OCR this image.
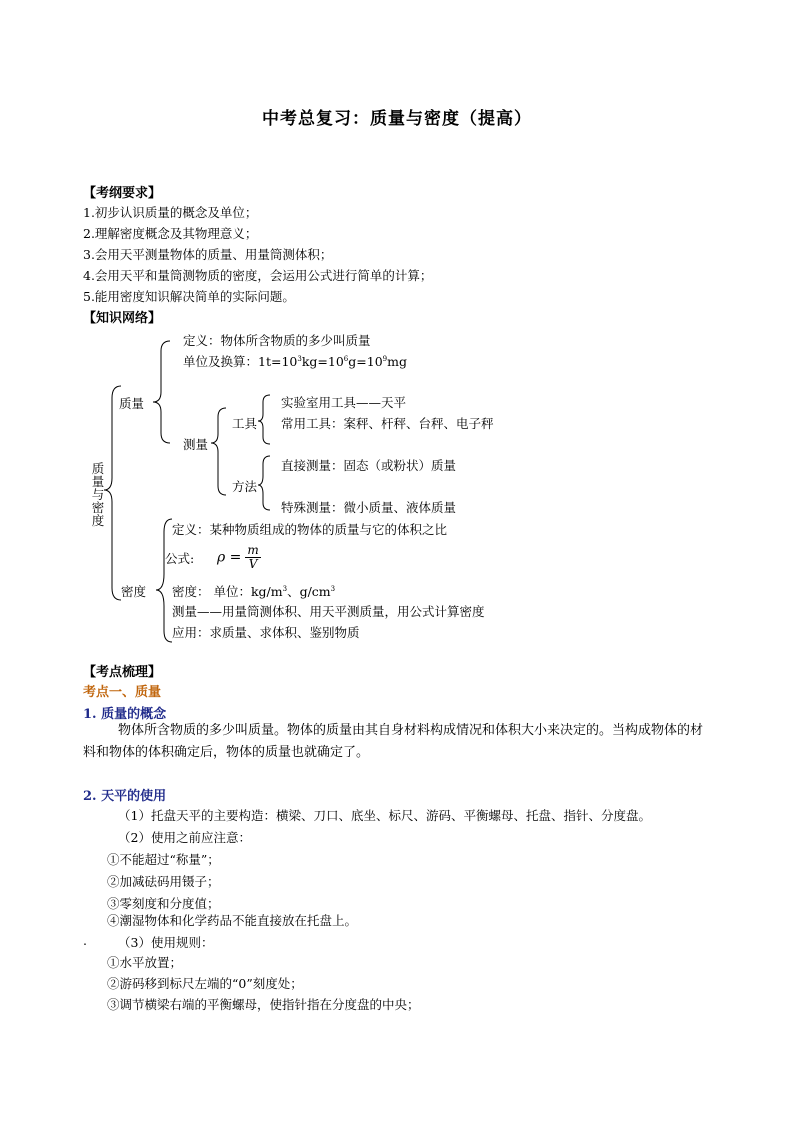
中考总复习：质量与密度（提高）
【考纲要求】
1.初步认识质量的概念及单位；
2.理解密度概念及其物理意义；
3.会用天平测量物体的质量、用量筒测体积；
4.会用天平和量筒测物质的密度，会运用公式进行简单的计算；
5.能用密度知识解决简单的实际问题。
【知识网络】
质量与密度
质量
定义：物体所含物质的多少叫质量
单位及换算：$1t=10^3kg=10^6g=10^9mg$
测量
工具
实验室用工具——天平
常用工具：案秤、杆秤、台秤、电子秤
方法
直接测量：固态（或粉状）质量
特殊测量：微小质量、液体质量
密度
定义：某种物质组成的物体的质量与它的体积之比
公式: $\rho = \frac{m}{V}$
密度： 单位：$kg/m^3$、$g/cm^3$
测量——用量筒测体积、用天平测质量，用公式计算密度
应用：求质量、求体积、鉴别物质
【考点梳理】
考点一、质量
1. 质量的概念
物体所含物质的多少叫质量。物体的质量由其自身材料构成情况和体积大小来决定的。当构成物体的材料和物体的体积确定后，物体的质量也就确定了。
2. 天平的使用
（1）托盘天平的主要构造：横梁、刀口、底坐、标尺、游码、平衡螺母、托盘、指针、分度盘。
（2）使用之前应注意：
①不能超过“称量”；
②加减砝码用镊子；
③零刻度和分度值；
④潮湿物体和化学药品不能直接放在托盘上。
. （3）使用规则：
①水平放置；
②游码移到标尺左端的“0”刻度处；
③调节横梁右端的平衡螺母，使指针指在分度盘的中央；
